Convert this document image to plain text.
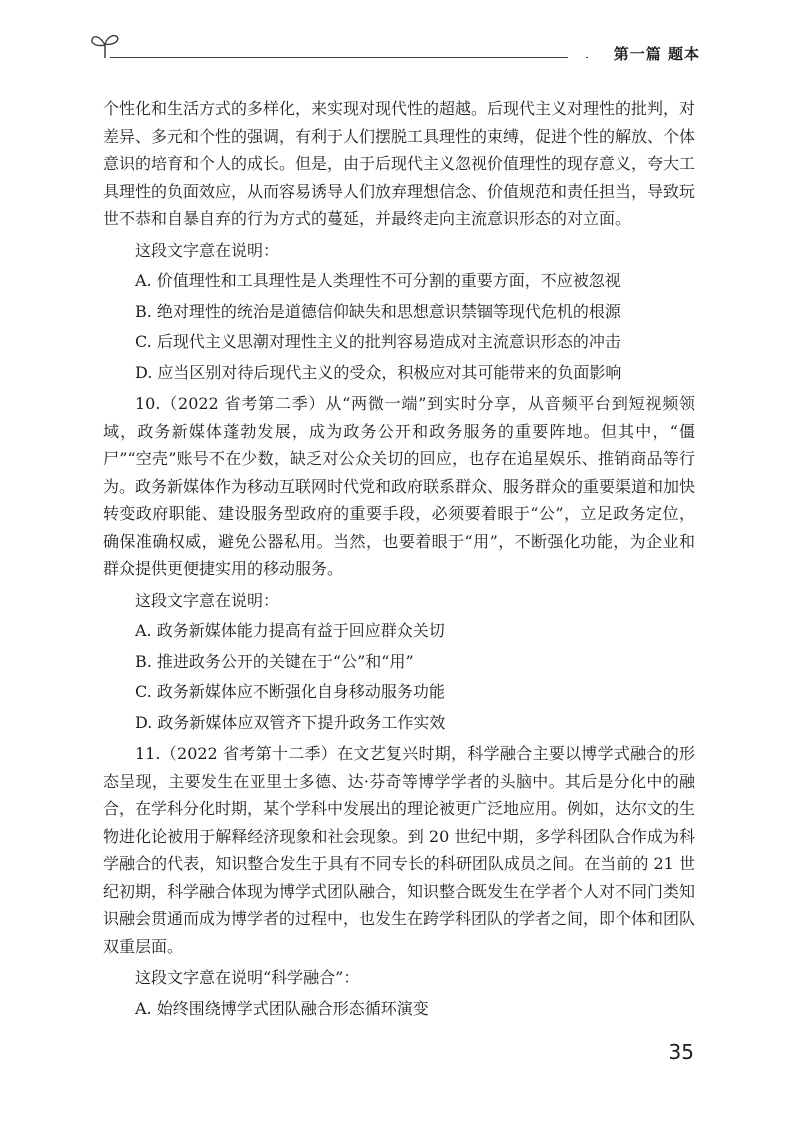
第一篇 题本

个性化和生活方式的多样化，来实现对现代性的超越。后现代主义对理性的批判，对差异、多元和个性的强调，有利于人们摆脱工具理性的束缚，促进个性的解放、个体意识的培育和个人的成长。但是，由于后现代主义忽视价值理性的现存意义，夸大工具理性的负面效应，从而容易诱导人们放弃理想信念、价值规范和责任担当，导致玩世不恭和自暴自弃的行为方式的蔓延，并最终走向主流意识形态的对立面。

这段文字意在说明：

A. 价值理性和工具理性是人类理性不可分割的重要方面，不应被忽视

B. 绝对理性的统治是道德信仰缺失和思想意识禁锢等现代危机的根源

C. 后现代主义思潮对理性主义的批判容易造成对主流意识形态的冲击

D. 应当区别对待后现代主义的受众，积极应对其可能带来的负面影响

10.（2022 省考第二季）从“两微一端”到实时分享，从音频平台到短视频领域，政务新媒体蓬勃发展，成为政务公开和政务服务的重要阵地。但其中，“僵尸”“空壳”账号不在少数，缺乏对公众关切的回应，也存在追星娱乐、推销商品等行为。政务新媒体作为移动互联网时代党和政府联系群众、服务群众的重要渠道和加快转变政府职能、建设服务型政府的重要手段，必须要着眼于“公”，立足政务定位，确保准确权威，避免公器私用。当然，也要着眼于“用”，不断强化功能，为企业和群众提供更便捷实用的移动服务。

这段文字意在说明：

A. 政务新媒体能力提高有益于回应群众关切

B. 推进政务公开的关键在于“公”和“用”

C. 政务新媒体应不断强化自身移动服务功能

D. 政务新媒体应双管齐下提升政务工作实效

11.（2022 省考第十二季）在文艺复兴时期，科学融合主要以博学式融合的形态呈现，主要发生在亚里士多德、达·芬奇等博学学者的头脑中。其后是分化中的融合，在学科分化时期，某个学科中发展出的理论被更广泛地应用。例如，达尔文的生物进化论被用于解释经济现象和社会现象。到 20 世纪中期，多学科团队合作成为科学融合的代表，知识整合发生于具有不同专长的科研团队成员之间。在当前的 21 世纪初期，科学融合体现为博学式团队融合，知识整合既发生在学者个人对不同门类知识融会贯通而成为博学者的过程中，也发生在跨学科团队的学者之间，即个体和团队双重层面。

这段文字意在说明“科学融合”：

A. 始终围绕博学式团队融合形态循环演变

35
